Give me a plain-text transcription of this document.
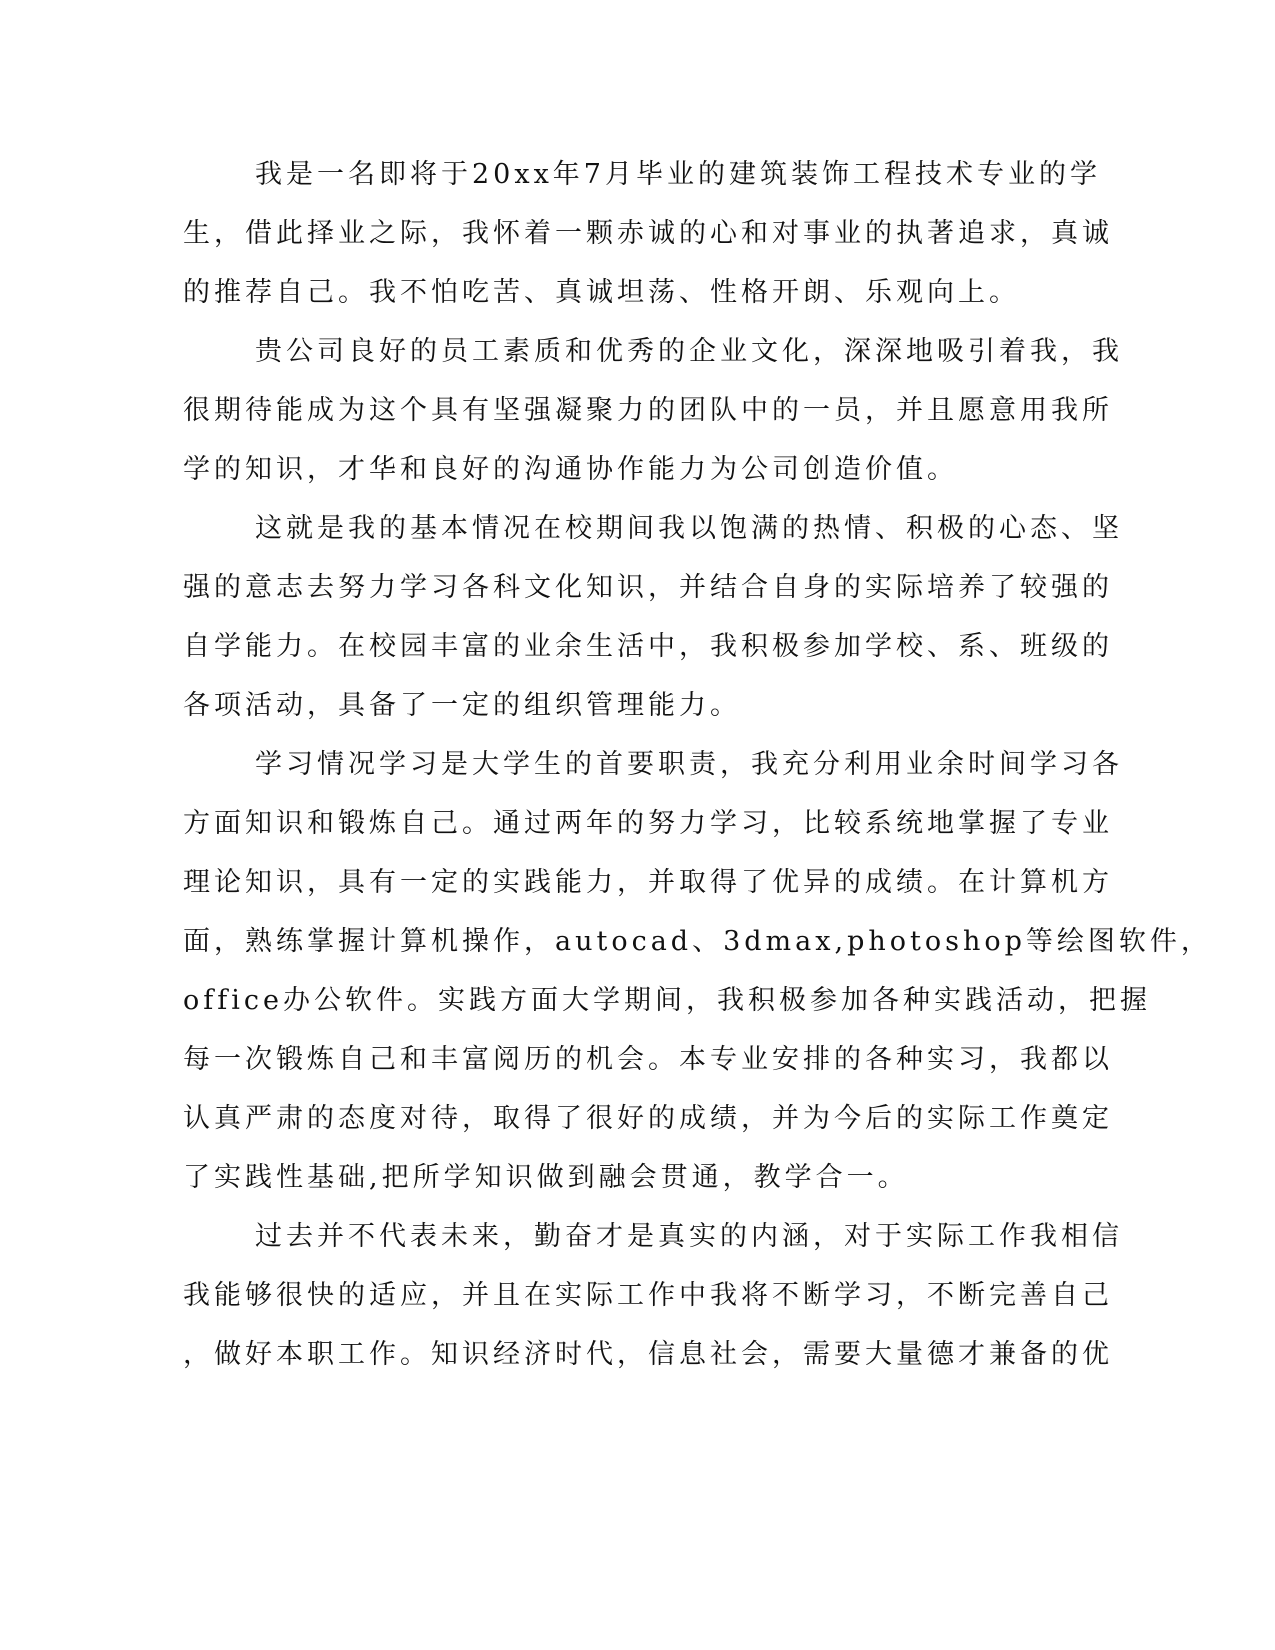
我是一名即将于20xx年7月毕业的建筑装饰工程技术专业的学
生，借此择业之际，我怀着一颗赤诚的心和对事业的执著追求，真诚
的推荐自己。我不怕吃苦、真诚坦荡、性格开朗、乐观向上。
贵公司良好的员工素质和优秀的企业文化，深深地吸引着我，我
很期待能成为这个具有坚强凝聚力的团队中的一员，并且愿意用我所
学的知识，才华和良好的沟通协作能力为公司创造价值。
这就是我的基本情况在校期间我以饱满的热情、积极的心态、坚
强的意志去努力学习各科文化知识，并结合自身的实际培养了较强的
自学能力。在校园丰富的业余生活中，我积极参加学校、系、班级的
各项活动，具备了一定的组织管理能力。
学习情况学习是大学生的首要职责，我充分利用业余时间学习各
方面知识和锻炼自己。通过两年的努力学习，比较系统地掌握了专业
理论知识，具有一定的实践能力，并取得了优异的成绩。在计算机方
面，熟练掌握计算机操作，autocad、3dmax,photoshop等绘图软件，
office办公软件。实践方面大学期间，我积极参加各种实践活动，把握
每一次锻炼自己和丰富阅历的机会。本专业安排的各种实习，我都以
认真严肃的态度对待，取得了很好的成绩，并为今后的实际工作奠定
了实践性基础,把所学知识做到融会贯通，教学合一。
过去并不代表未来，勤奋才是真实的内涵，对于实际工作我相信
我能够很快的适应，并且在实际工作中我将不断学习，不断完善自己
，做好本职工作。知识经济时代，信息社会，需要大量德才兼备的优
